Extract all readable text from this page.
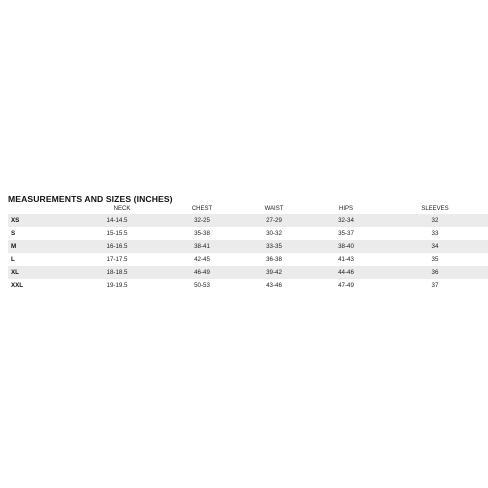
MEASUREMENTS AND SIZES (INCHES)
	NECK	CHEST	WAIST	HIPS	SLEEVES
XS	14-14.5	32-25	27-29	32-34	32
S	15-15.5	35-38	30-32	35-37	33
M	16-16.5	38-41	33-35	38-40	34
L	17-17.5	42-45	36-38	41-43	35
XL	18-18.5	46-49	39-42	44-46	36
XXL	19-19.5	50-53	43-46	47-49	37
